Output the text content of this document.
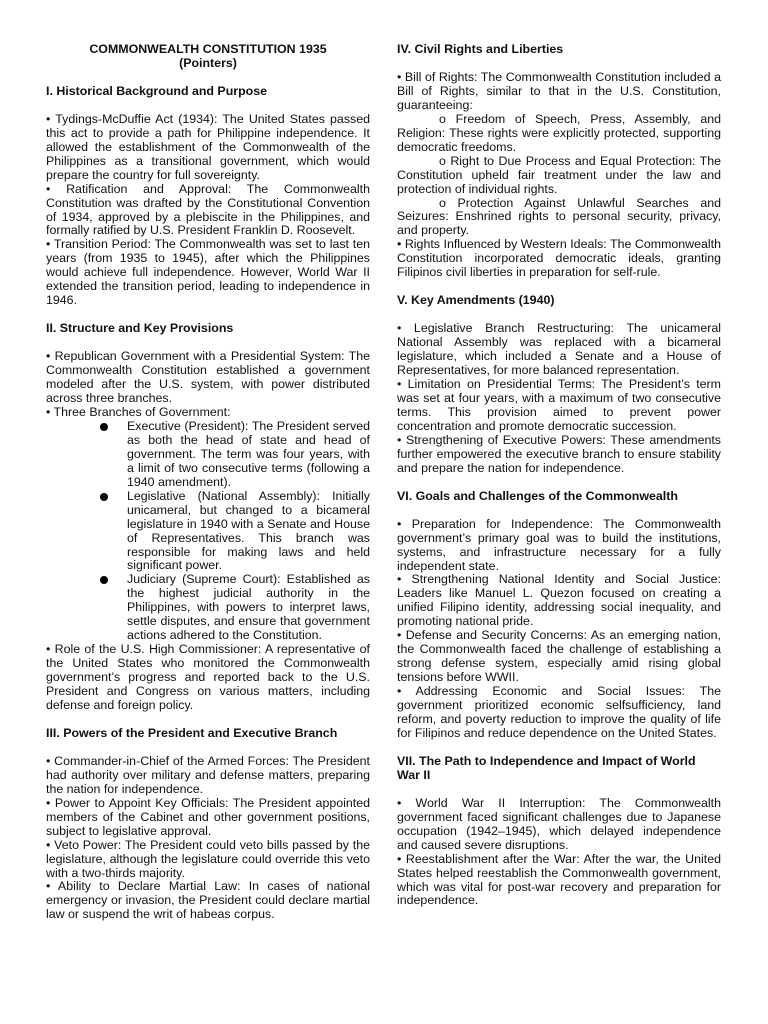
COMMONWEALTH CONSTITUTION 1935

(Pointers)

I. Historical Background and Purpose

• Tydings-McDuffie Act (1934): The United States passed this act to provide a path for Philippine independence. It allowed the establishment of the Commonwealth of the Philippines as a transitional government, which would prepare the country for full sovereignty.

• Ratification and Approval: The Commonwealth Constitution was drafted by the Constitutional Convention of 1934, approved by a plebiscite in the Philippines, and formally ratified by U.S. President Franklin D. Roosevelt.

• Transition Period: The Commonwealth was set to last ten years (from 1935 to 1945), after which the Philippines would achieve full independence. However, World War II extended the transition period, leading to independence in 1946.

II. Structure and Key Provisions

• Republican Government with a Presidential System: The Commonwealth Constitution established a government modeled after the U.S. system, with power distributed across three branches.

• Three Branches of Government:

Executive (President): The President served as both the head of state and head of government. The term was four years, with a limit of two consecutive terms (following a 1940 amendment).
Legislative (National Assembly): Initially unicameral, but changed to a bicameral legislature in 1940 with a Senate and House of Representatives. This branch was responsible for making laws and held significant power.
Judiciary (Supreme Court): Established as the highest judicial authority in the Philippines, with powers to interpret laws, settle disputes, and ensure that government actions adhered to the Constitution.

• Role of the U.S. High Commissioner: A representative of the United States who monitored the Commonwealth government’s progress and reported back to the U.S. President and Congress on various matters, including defense and foreign policy.

III. Powers of the President and Executive Branch

• Commander-in-Chief of the Armed Forces: The President had authority over military and defense matters, preparing the nation for independence.

• Power to Appoint Key Officials: The President appointed members of the Cabinet and other government positions, subject to legislative approval.

• Veto Power: The President could veto bills passed by the legislature, although the legislature could override this veto with a two-thirds majority.

• Ability to Declare Martial Law: In cases of national emergency or invasion, the President could declare martial law or suspend the writ of habeas corpus.

IV. Civil Rights and Liberties

• Bill of Rights: The Commonwealth Constitution included a Bill of Rights, similar to that in the U.S. Constitution, guaranteeing:

o Freedom of Speech, Press, Assembly, and Religion: These rights were explicitly protected, supporting democratic freedoms.

o Right to Due Process and Equal Protection: The Constitution upheld fair treatment under the law and protection of individual rights.

o Protection Against Unlawful Searches and Seizures: Enshrined rights to personal security, privacy, and property.

• Rights Influenced by Western Ideals: The Commonwealth Constitution incorporated democratic ideals, granting Filipinos civil liberties in preparation for self-rule.

V. Key Amendments (1940)

• Legislative Branch Restructuring: The unicameral National Assembly was replaced with a bicameral legislature, which included a Senate and a House of Representatives, for more balanced representation.

• Limitation on Presidential Terms: The President’s term was set at four years, with a maximum of two consecutive terms. This provision aimed to prevent power concentration and promote democratic succession.

• Strengthening of Executive Powers: These amendments further empowered the executive branch to ensure stability and prepare the nation for independence.

VI. Goals and Challenges of the Commonwealth

• Preparation for Independence: The Commonwealth government’s primary goal was to build the institutions, systems, and infrastructure necessary for a fully independent state.

• Strengthening National Identity and Social Justice: Leaders like Manuel L. Quezon focused on creating a unified Filipino identity, addressing social inequality, and promoting national pride.

• Defense and Security Concerns: As an emerging nation, the Commonwealth faced the challenge of establishing a strong defense system, especially amid rising global tensions before WWII.

• Addressing Economic and Social Issues: The government prioritized economic selfsufficiency, land reform, and poverty reduction to improve the quality of life for Filipinos and reduce dependence on the United States.

VII. The Path to Independence and Impact of World War II

• World War II Interruption: The Commonwealth government faced significant challenges due to Japanese occupation (1942–1945), which delayed independence and caused severe disruptions.

• Reestablishment after the War: After the war, the United States helped reestablish the Commonwealth government, which was vital for post-war recovery and preparation for independence.
